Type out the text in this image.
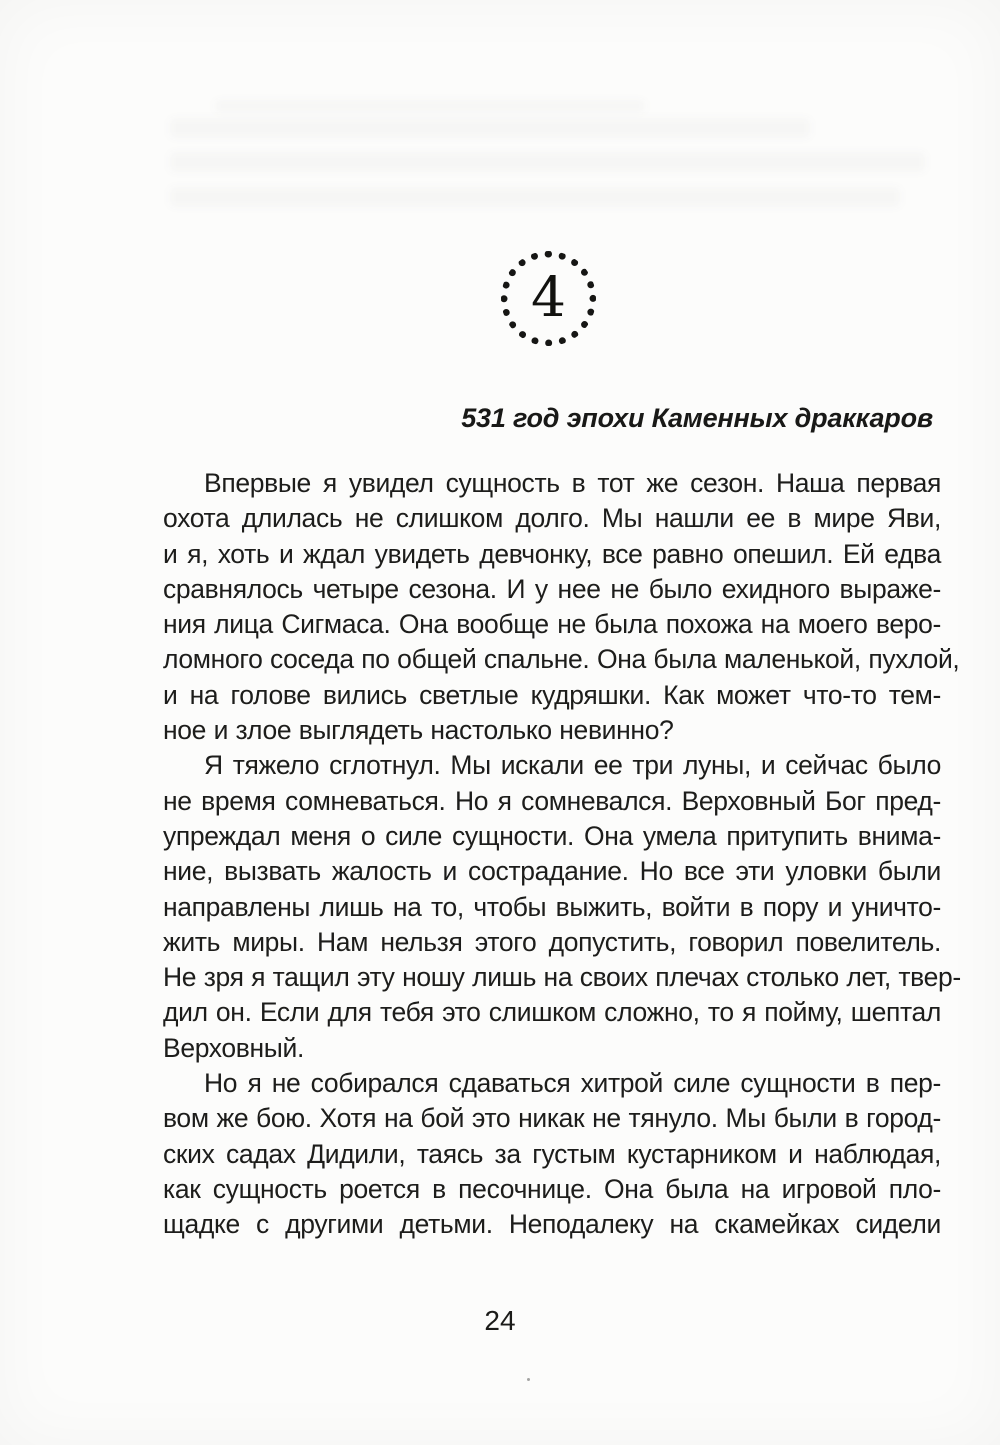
4
531 год эпохи Каменных драккаров
Впервые я увидел сущность в тот же сезон. Наша первая
охота длилась не слишком долго. Мы нашли ее в мире Яви,
и я, хоть и ждал увидеть девчонку, все равно опешил. Ей едва
сравнялось четыре сезона. И у нее не было ехидного выраже-
ния лица Сигмаса. Она вообще не была похожа на моего веро-
ломного соседа по общей спальне. Она была маленькой, пухлой,
и на голове вились светлые кудряшки. Как может что-то тем-
ное и злое выглядеть настолько невинно?
Я тяжело сглотнул. Мы искали ее три луны, и сейчас было
не время сомневаться. Но я сомневался. Верховный Бог пред-
упреждал меня о силе сущности. Она умела притупить внима-
ние, вызвать жалость и сострадание. Но все эти уловки были
направлены лишь на то, чтобы выжить, войти в пору и уничто-
жить миры. Нам нельзя этого допустить, говорил повелитель.
Не зря я тащил эту ношу лишь на своих плечах столько лет, твер-
дил он. Если для тебя это слишком сложно, то я пойму, шептал
Верховный.
Но я не собирался сдаваться хитрой силе сущности в пер-
вом же бою. Хотя на бой это никак не тянуло. Мы были в город-
ских садах Дидили, таясь за густым кустарником и наблюдая,
как сущность роется в песочнице. Она была на игровой пло-
щадке с другими детьми. Неподалеку на скамейках сидели
24
